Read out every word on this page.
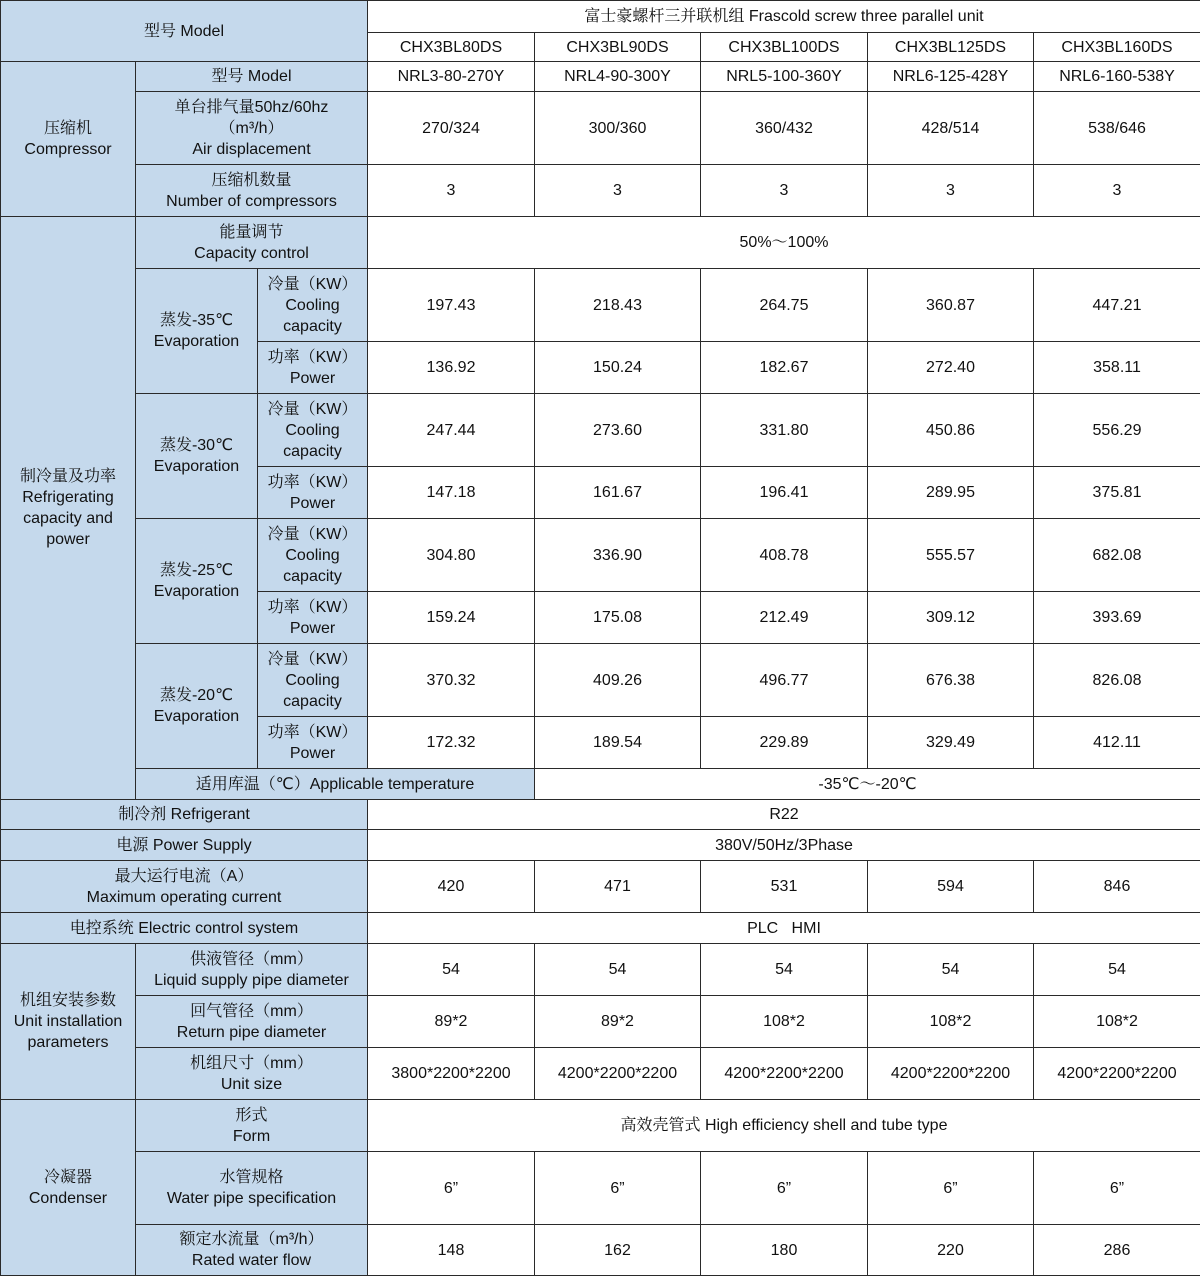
型号 Model			富士豪螺杆三并联机组 Frascold screw three parallel unit				
			CHX3BL80DS	CHX3BL90DS	CHX3BL100DS	CHX3BL125DS	CHX3BL160DS

压缩机
Compressor	型号 Model		NRL3-80-270Y	NRL4-90-300Y	NRL5-100-360Y	NRL6-125-428Y	NRL6-160-538Y

	单台排气量50hz/60hz
（m³/h）
Air displacement		270/324	300/360	360/432	428/514	538/646

	压缩机数量
Number of compressors		3	3	3	3	3

制冷量及功率
Refrigerating
capacity and
power	能量调节
Capacity control		50%～100%				

	蒸发-35℃
Evaporation	冷量（KW）
Cooling
capacity	197.43	218.43	264.75	360.87	447.21

		功率（KW）
Power	136.92	150.24	182.67	272.40	358.11

	蒸发-30℃
Evaporation	冷量（KW）
Cooling
capacity	247.44	273.60	331.80	450.86	556.29

		功率（KW）
Power	147.18	161.67	196.41	289.95	375.81

	蒸发-25℃
Evaporation	冷量（KW）
Cooling
capacity	304.80	336.90	408.78	555.57	682.08

		功率（KW）
Power	159.24	175.08	212.49	309.12	393.69

	蒸发-20℃
Evaporation	冷量（KW）
Cooling
capacity	370.32	409.26	496.77	676.38	826.08

		功率（KW）
Power	172.32	189.54	229.89	329.49	412.11
	适用库温（℃）Applicable temperature			-35℃～-20℃			
制冷剂 Refrigerant			R22				
电源 Power Supply			380V/50Hz/3Phase				

最大运行电流（A）
Maximum operating current			420	471	531	594	846
电控系统 Electric control system			PLC   HMI				

机组安装参数
Unit installation
parameters	供液管径（mm）
Liquid supply pipe diameter		54	54	54	54	54

	回气管径（mm）
Return pipe diameter		89*2	89*2	108*2	108*2	108*2

	机组尺寸（mm）
Unit size		3800*2200*2200	4200*2200*2200	4200*2200*2200	4200*2200*2200	4200*2200*2200

冷凝器
Condenser	形式
Form		高效壳管式 High efficiency shell and tube type				

	水管规格
Water pipe specification		6”	6”	6”	6”	6”

	额定水流量（m³/h）
Rated water flow		148	162	180	220	286
